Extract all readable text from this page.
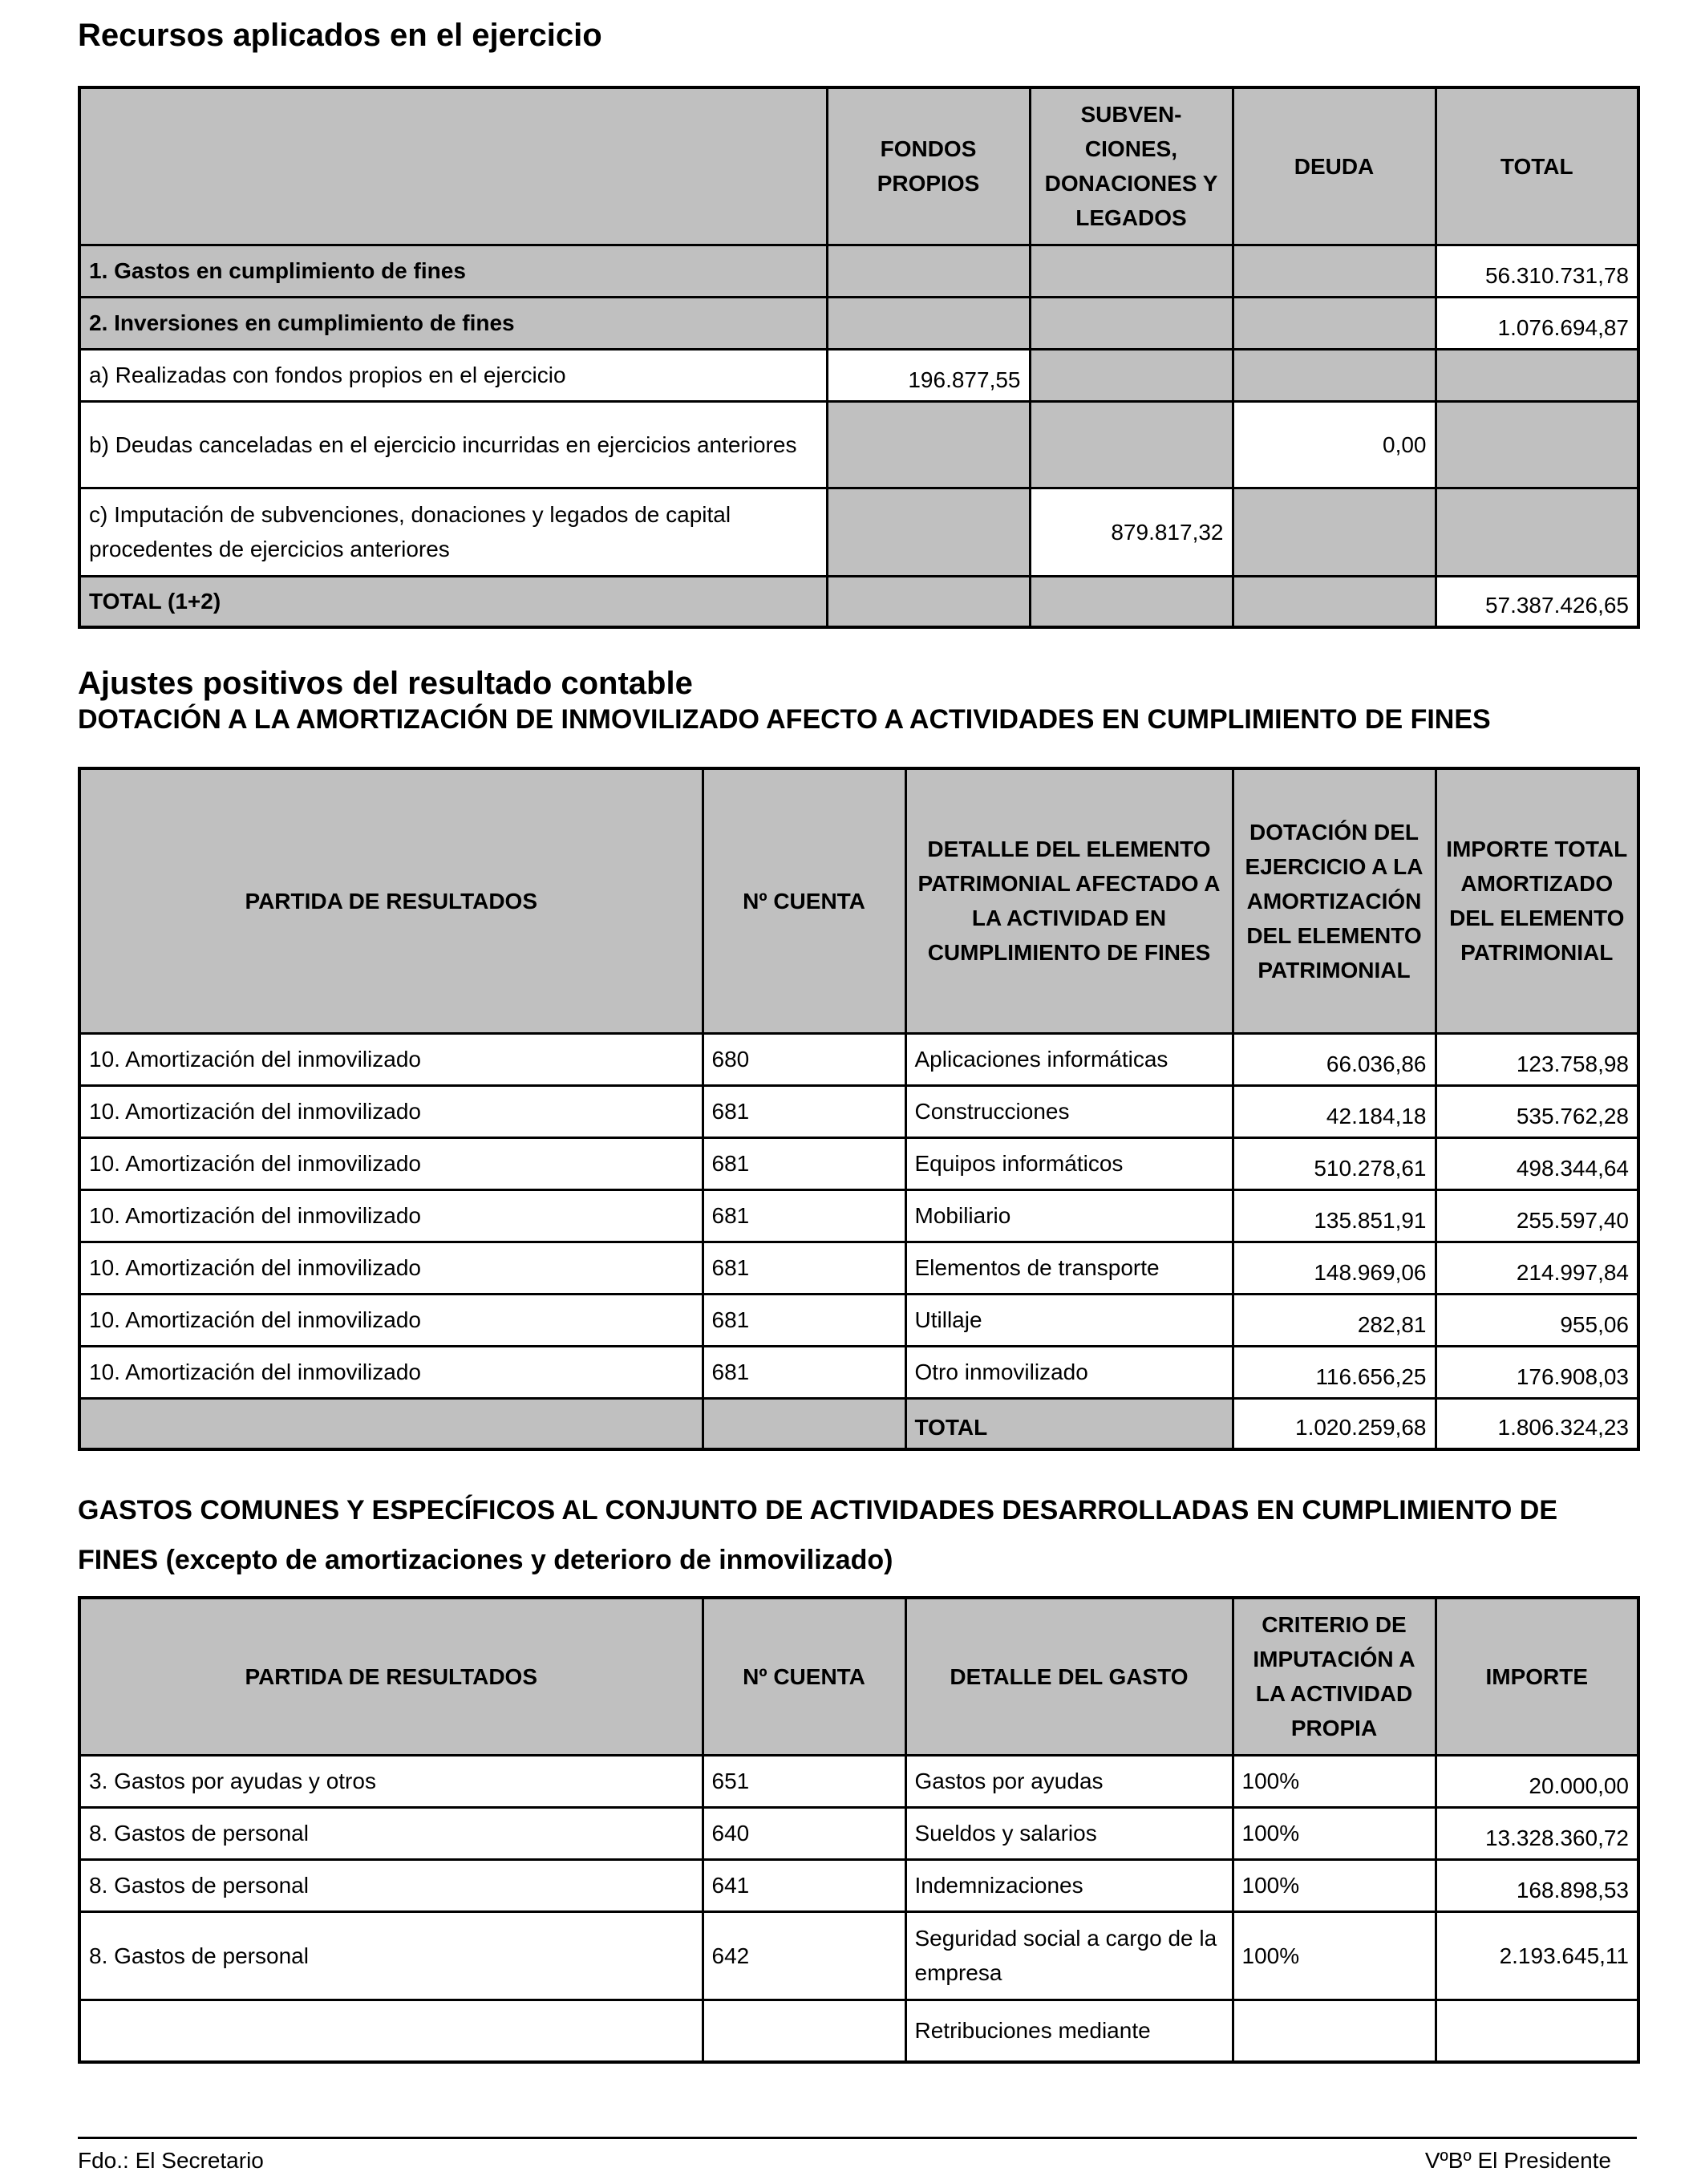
Recursos aplicados en el ejercicio
	FONDOS PROPIOS	SUBVEN-CIONES, DONACIONES Y LEGADOS	DEUDA	TOTAL
1. Gastos en cumplimiento de fines				56.310.731,78
2. Inversiones en cumplimiento de fines				1.076.694,87
a) Realizadas con fondos propios en el ejercicio	196.877,55			
b) Deudas canceladas en el ejercicio incurridas en ejercicios anteriores			0,00	
c) Imputación de subvenciones, donaciones y legados de capital procedentes de ejercicios anteriores		879.817,32		
TOTAL (1+2)				57.387.426,65
Ajustes positivos del resultado contable
DOTACIÓN A LA AMORTIZACIÓN DE INMOVILIZADO AFECTO A ACTIVIDADES EN CUMPLIMIENTO DE FINES
PARTIDA DE RESULTADOS	Nº CUENTA	DETALLE DEL ELEMENTO PATRIMONIAL AFECTADO A LA ACTIVIDAD EN CUMPLIMIENTO DE FINES	DOTACIÓN DEL EJERCICIO A LA AMORTIZACIÓN DEL ELEMENTO PATRIMONIAL	IMPORTE TOTAL AMORTIZADO DEL ELEMENTO PATRIMONIAL
10. Amortización del inmovilizado	680	Aplicaciones informáticas	66.036,86	123.758,98
10. Amortización del inmovilizado	681	Construcciones	42.184,18	535.762,28
10. Amortización del inmovilizado	681	Equipos informáticos	510.278,61	498.344,64
10. Amortización del inmovilizado	681	Mobiliario	135.851,91	255.597,40
10. Amortización del inmovilizado	681	Elementos de transporte	148.969,06	214.997,84
10. Amortización del inmovilizado	681	Utillaje	282,81	955,06
10. Amortización del inmovilizado	681	Otro inmovilizado	116.656,25	176.908,03
		TOTAL	1.020.259,68	1.806.324,23
GASTOS COMUNES Y ESPECÍFICOS AL CONJUNTO DE ACTIVIDADES DESARROLLADAS EN CUMPLIMIENTO DE FINES (excepto de amortizaciones y deterioro de inmovilizado)
PARTIDA DE RESULTADOS	Nº CUENTA	DETALLE DEL GASTO	CRITERIO DE IMPUTACIÓN A LA ACTIVIDAD PROPIA	IMPORTE
3. Gastos por ayudas y otros	651	Gastos por ayudas	100%	20.000,00
8. Gastos de personal	640	Sueldos y salarios	100%	13.328.360,72
8. Gastos de personal	641	Indemnizaciones	100%	168.898,53
8. Gastos de personal	642	Seguridad social a cargo de la empresa	100%	2.193.645,11
		Retribuciones mediante		
Fdo.: El Secretario	VºBº El Presidente
